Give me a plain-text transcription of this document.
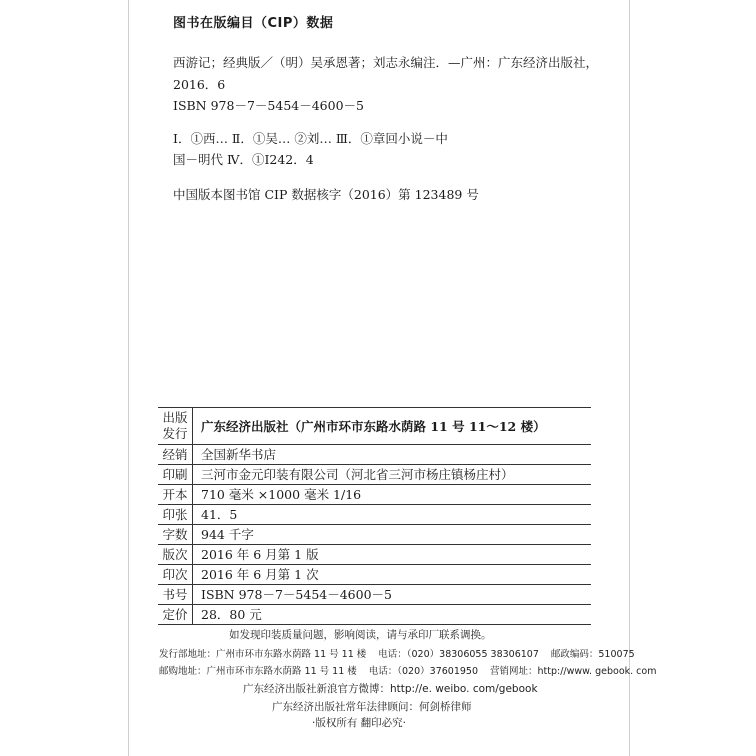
图书在版编目（CIP）数据
西游记；经典版／（明）吴承恩著；刘志永编注．—广州：广东经济出版社，
2016．6
ISBN 978－7－5454－4600－5
Ⅰ．①西… Ⅱ．①吴… ②刘… Ⅲ．①章回小说－中
国－明代 Ⅳ．①I242．4
中国版本图书馆 CIP 数据核字（2016）第 123489 号
出版发行	广东经济出版社（广州市环市东路水荫路 11 号 11～12 楼）
经销	全国新华书店
印刷	三河市金元印装有限公司（河北省三河市杨庄镇杨庄村）
开本	710 毫米 ×1000 毫米 1/16
印张	41．5
字数	944 千字
版次	2016 年 6 月第 1 版
印次	2016 年 6 月第 1 次
书号	ISBN 978－7－5454－4600－5
定价	28．80 元
如发现印装质量问题，影响阅读，请与承印厂联系调换。
发行部地址：广州市环市东路水荫路 11 号 11 楼 电话：（020）38306055 38306107 邮政编码：510075
邮购地址：广州市环市东路水荫路 11 号 11 楼 电话：（020）37601950 营销网址：http://www. gebook. com
广东经济出版社新浪官方微博：http://e. weibo. com/gebook
广东经济出版社常年法律顾问：何剑桥律师
·版权所有 翻印必究·
